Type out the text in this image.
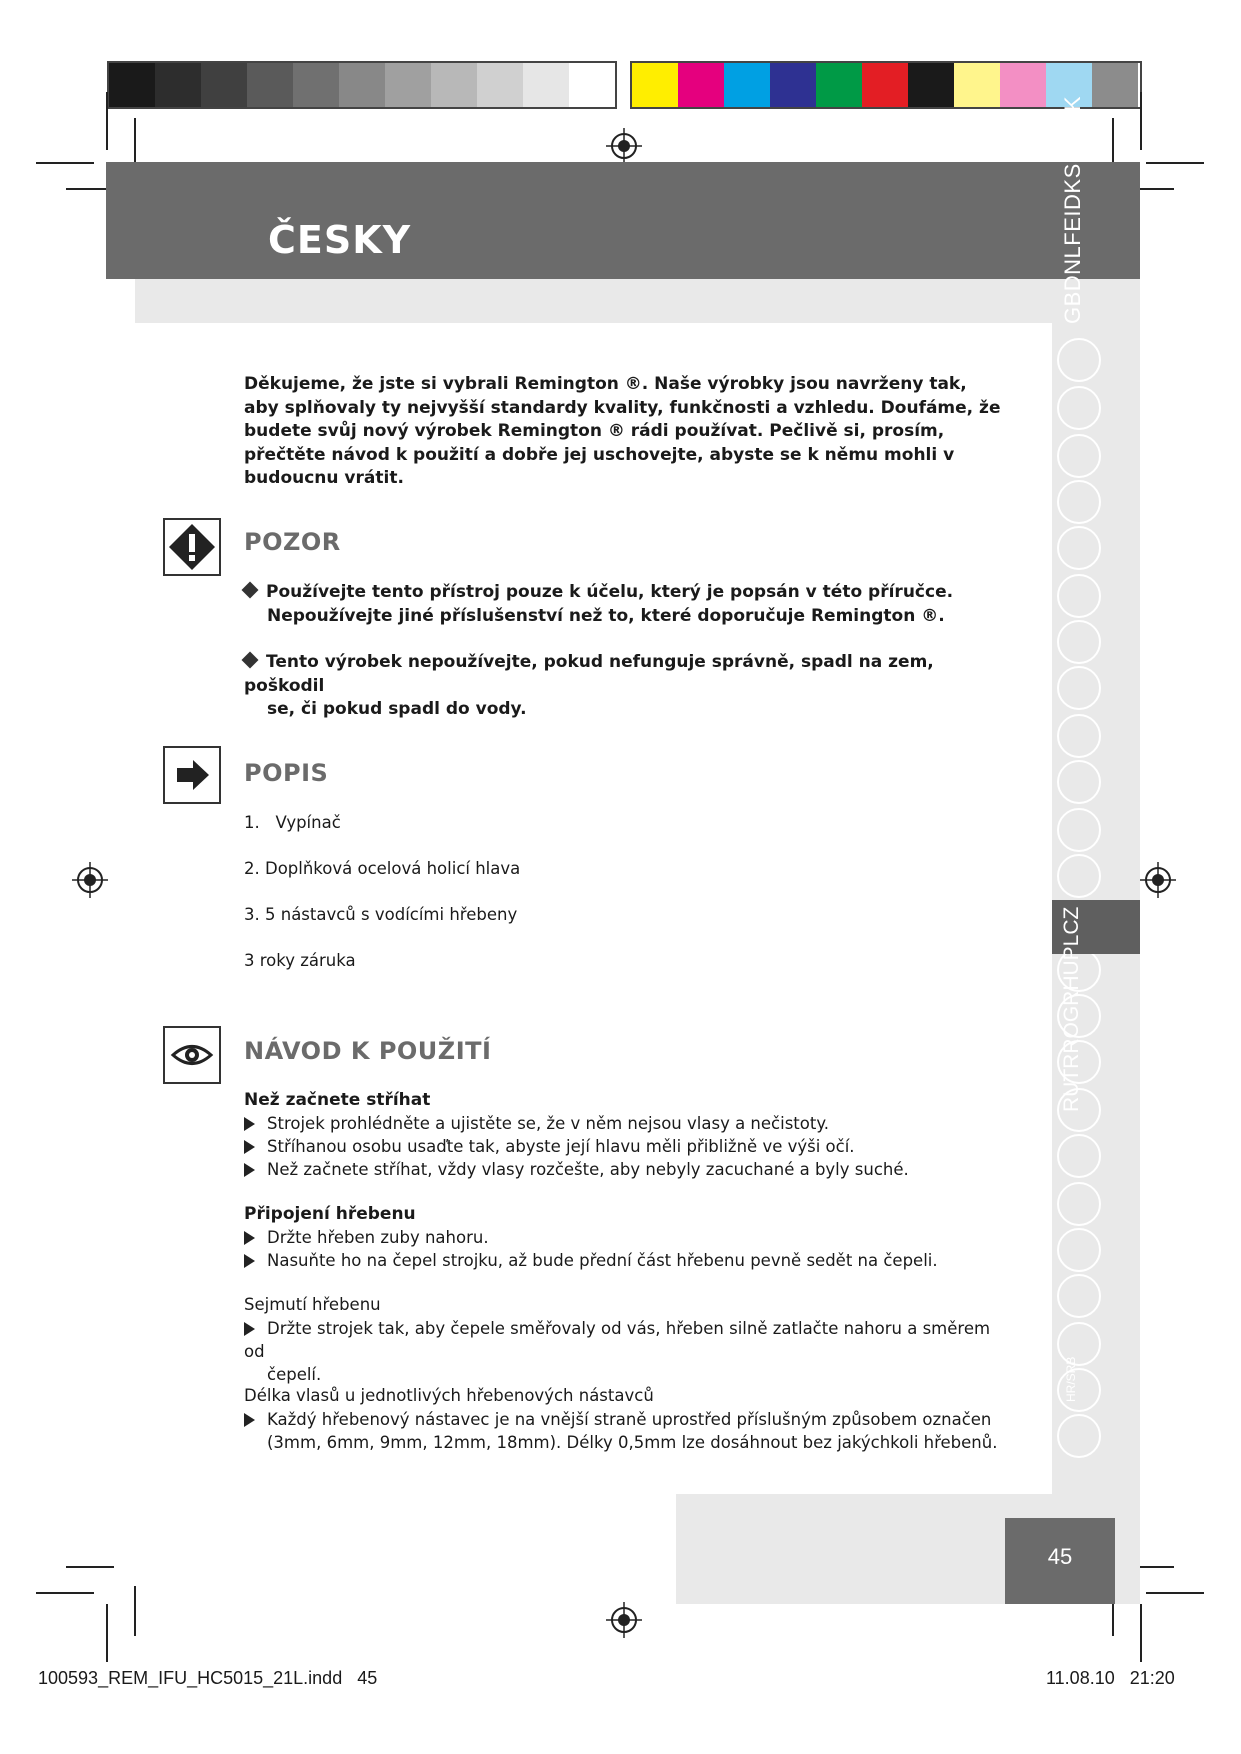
ČESKY	GBDNLFEIDKSFINSK
RUTRROGRHUPLCZ
HR/SRB
Děkujeme, že jste si vybrali Remington ®. Naše výrobky jsou navrženy tak, aby splňovaly ty nejvyšší standardy kvality, funkčnosti a vzhledu. Doufáme, že budete svůj nový výrobek Remington ® rádi používat. Pečlivě si, prosím, přečtěte návod k použití a dobře jej uschovejte, abyste se k němu mohli v budoucnu vrátit.
POZOR
Používejte tento přístroj pouze k účelu, který je popsán v této příručce.
Nepoužívejte jiné příslušenství než to, které doporučuje Remington ®.
Tento výrobek nepoužívejte, pokud nefunguje správně, spadl na zem, poškodil
se, či pokud spadl do vody.
POPIS
1.   Vypínač
2. Doplňková ocelová holicí hlava
3. 5 nástavců s vodícími hřebeny
3 roky záruka
NÁVOD K POUŽITÍ
Než začnete stříhat
Strojek prohlédněte a ujistěte se, že v něm nejsou vlasy a nečistoty.
Stříhanou osobu usaďte tak, abyste její hlavu měli přibližně ve výši očí.
Než začnete stříhat, vždy vlasy rozčešte, aby nebyly zacuchané a byly suché.
Připojení hřebenu
Držte hřeben zuby nahoru.
Nasuňte ho na čepel strojku, až bude přední část hřebenu pevně sedět na čepeli.
Sejmutí hřebenu
Držte strojek tak, aby čepele směřovaly od vás, hřeben silně zatlačte nahoru a směrem od
čepelí.
Délka vlasů u jednotlivých hřebenových nástavců
Každý hřebenový nástavec je na vnější straně uprostřed příslušným způsobem označen
(3mm, 6mm, 9mm, 12mm, 18mm). Délky 0,5mm lze dosáhnout bez jakýchkoli hřebenů.
45
100593_REM_IFU_HC5015_21L.indd   45	11.08.10   21:20
